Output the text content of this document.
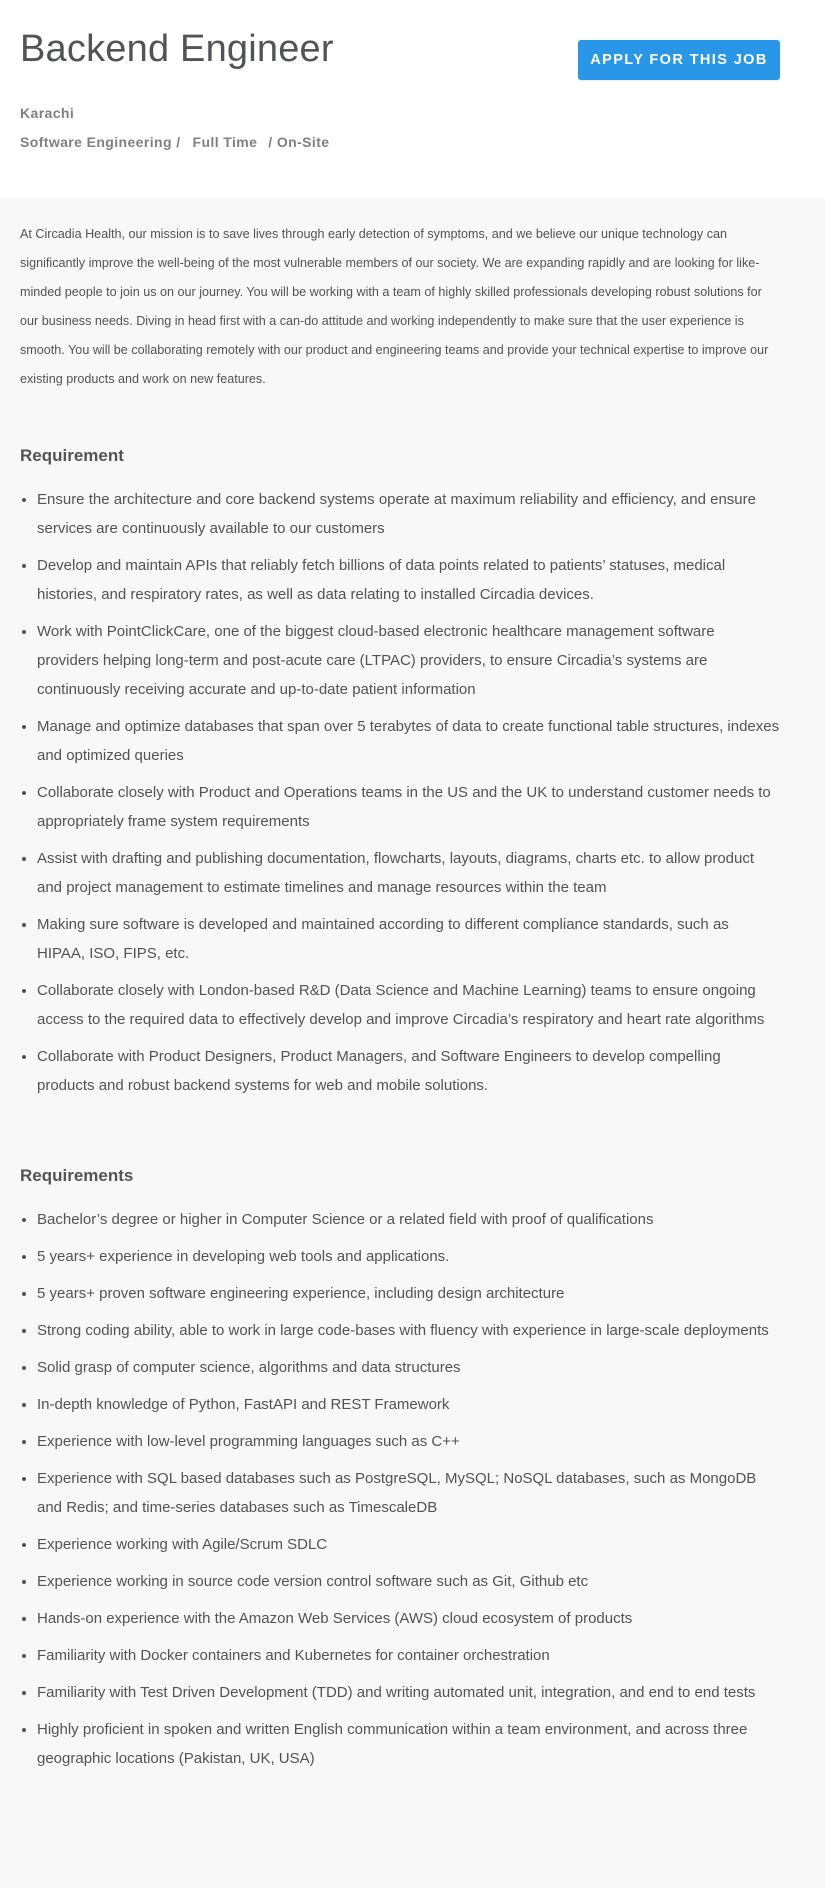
Backend Engineer	APPLY FOR THIS JOB
Karachi
Software Engineering / Full Time / On-Site

At Circadia Health, our mission is to save lives through early detection of symptoms, and we believe our unique technology can significantly improve the well-being of the most vulnerable members of our society. We are expanding rapidly and are looking for like-minded people to join us on our journey. You will be working with a team of highly skilled professionals developing robust solutions for our business needs. Diving in head first with a can-do attitude and working independently to make sure that the user experience is smooth. You will be collaborating remotely with our product and engineering teams and provide your technical expertise to improve our existing products and work on new features.

Requirement
Ensure the architecture and core backend systems operate at maximum reliability and efficiency, and ensure services are continuously available to our customers
Develop and maintain APIs that reliably fetch billions of data points related to patients’ statuses, medical histories, and respiratory rates, as well as data relating to installed Circadia devices.
Work with PointClickCare, one of the biggest cloud-based electronic healthcare management software providers helping long-term and post-acute care (LTPAC) providers, to ensure Circadia’s systems are continuously receiving accurate and up-to-date patient information
Manage and optimize databases that span over 5 terabytes of data to create functional table structures, indexes and optimized queries
Collaborate closely with Product and Operations teams in the US and the UK to understand customer needs to appropriately frame system requirements
Assist with drafting and publishing documentation, flowcharts, layouts, diagrams, charts etc. to allow product and project management to estimate timelines and manage resources within the team
Making sure software is developed and maintained according to different compliance standards, such as HIPAA, ISO, FIPS, etc.
Collaborate closely with London-based R&D (Data Science and Machine Learning) teams to ensure ongoing access to the required data to effectively develop and improve Circadia’s respiratory and heart rate algorithms
Collaborate with Product Designers, Product Managers, and Software Engineers to develop compelling products and robust backend systems for web and mobile solutions.
Requirements
Bachelor’s degree or higher in Computer Science or a related field with proof of qualifications
5 years+ experience in developing web tools and applications.
5 years+ proven software engineering experience, including design architecture
Strong coding ability, able to work in large code-bases with fluency with experience in large-scale deployments
Solid grasp of computer science, algorithms and data structures
In-depth knowledge of Python, FastAPI and REST Framework
Experience with low-level programming languages such as C++
Experience with SQL based databases such as PostgreSQL, MySQL; NoSQL databases, such as MongoDB and Redis; and time-series databases such as TimescaleDB
Experience working with Agile/Scrum SDLC
Experience working in source code version control software such as Git, Github etc
Hands-on experience with the Amazon Web Services (AWS) cloud ecosystem of products
Familiarity with Docker containers and Kubernetes for container orchestration
Familiarity with Test Driven Development (TDD) and writing automated unit, integration, and end to end tests
Highly proficient in spoken and written English communication within a team environment, and across three geographic locations (Pakistan, UK, USA)
